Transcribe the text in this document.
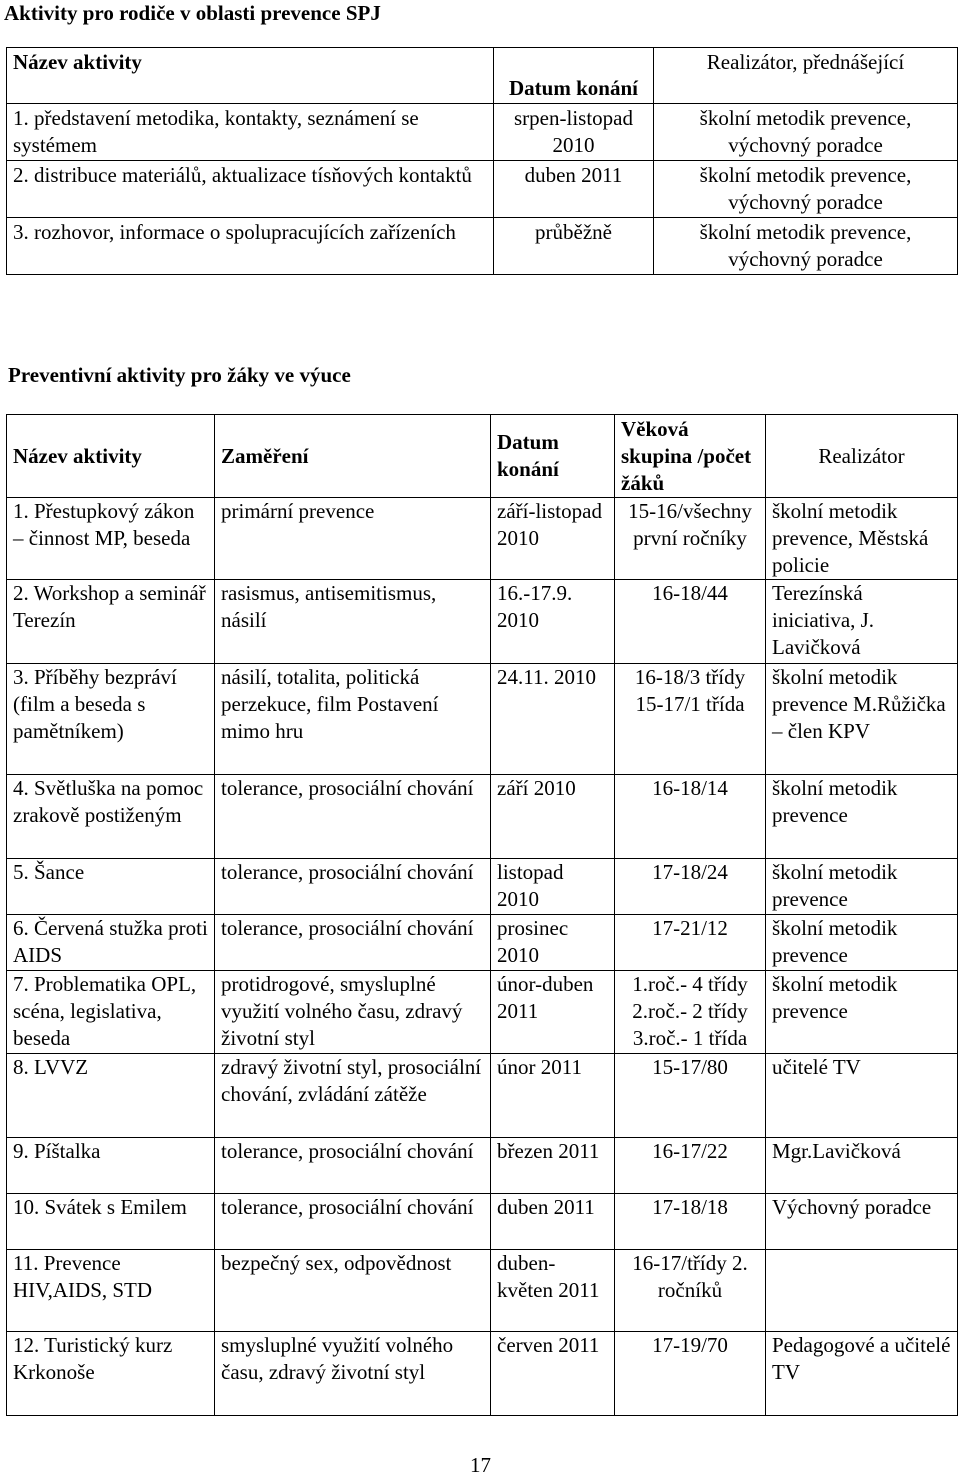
Aktivity pro rodiče v oblasti prevence SPJ
Název aktivity	Datum konání	Realizátor, přednášející
1. představení metodika, kontakty, seznámení se systémem	srpen-listopad 2010	školní metodik prevence, výchovný poradce
2. distribuce materiálů, aktualizace tísňových kontaktů	duben 2011	školní metodik prevence, výchovný poradce
3. rozhovor, informace o spolupracujících zařízeních	průběžně	školní metodik prevence, výchovný poradce
Preventivní aktivity pro žáky ve výuce
Název aktivity	Zaměření	Datum konání	Věková skupina /počet žáků	Realizátor
1. Přestupkový zákon – činnost MP, beseda	primární prevence	září-listopad 2010	15-16/všechny první ročníky	školní metodik prevence, Městská policie
2. Workshop a seminář Terezín	rasismus, antisemitismus, násilí	16.-17.9. 2010	16-18/44	Terezínská iniciativa, J. Lavičková
3. Příběhy bezpráví (film a beseda s pamětníkem)	násilí, totalita, politická perzekuce, film Postavení mimo hru	24.11. 2010	16-18/3 třídy 15-17/1 třída	školní metodik prevence M.Růžička – člen KPV
4. Světluška na pomoc zrakově postiženým	tolerance, prosociální chování	září 2010	16-18/14	školní metodik prevence
5. Šance	tolerance, prosociální chování	listopad 2010	17-18/24	školní metodik prevence
6. Červená stužka proti AIDS	tolerance, prosociální chování	prosinec 2010	17-21/12	školní metodik prevence
7. Problematika OPL, scéna, legislativa, beseda	protidrogové, smysluplné využití volného času, zdravý životní styl	únor-duben 2011	1.roč.- 4 třídy 2.roč.- 2 třídy 3.roč.- 1 třída	školní metodik prevence
8. LVVZ	zdravý životní styl, prosociální chování, zvládání zátěže	únor 2011	15-17/80	učitelé TV
9. Píštalka	tolerance, prosociální chování	březen 2011	16-17/22	Mgr.Lavičková
10. Svátek s Emilem	tolerance, prosociální chování	duben 2011	17-18/18	Výchovný poradce
11. Prevence HIV,AIDS, STD	bezpečný sex, odpovědnost	duben-květen 2011	16-17/třídy 2. ročníků	
12. Turistický kurz Krkonoše	smysluplné využití volného času, zdravý životní styl	červen 2011	17-19/70	Pedagogové a učitelé TV
17
